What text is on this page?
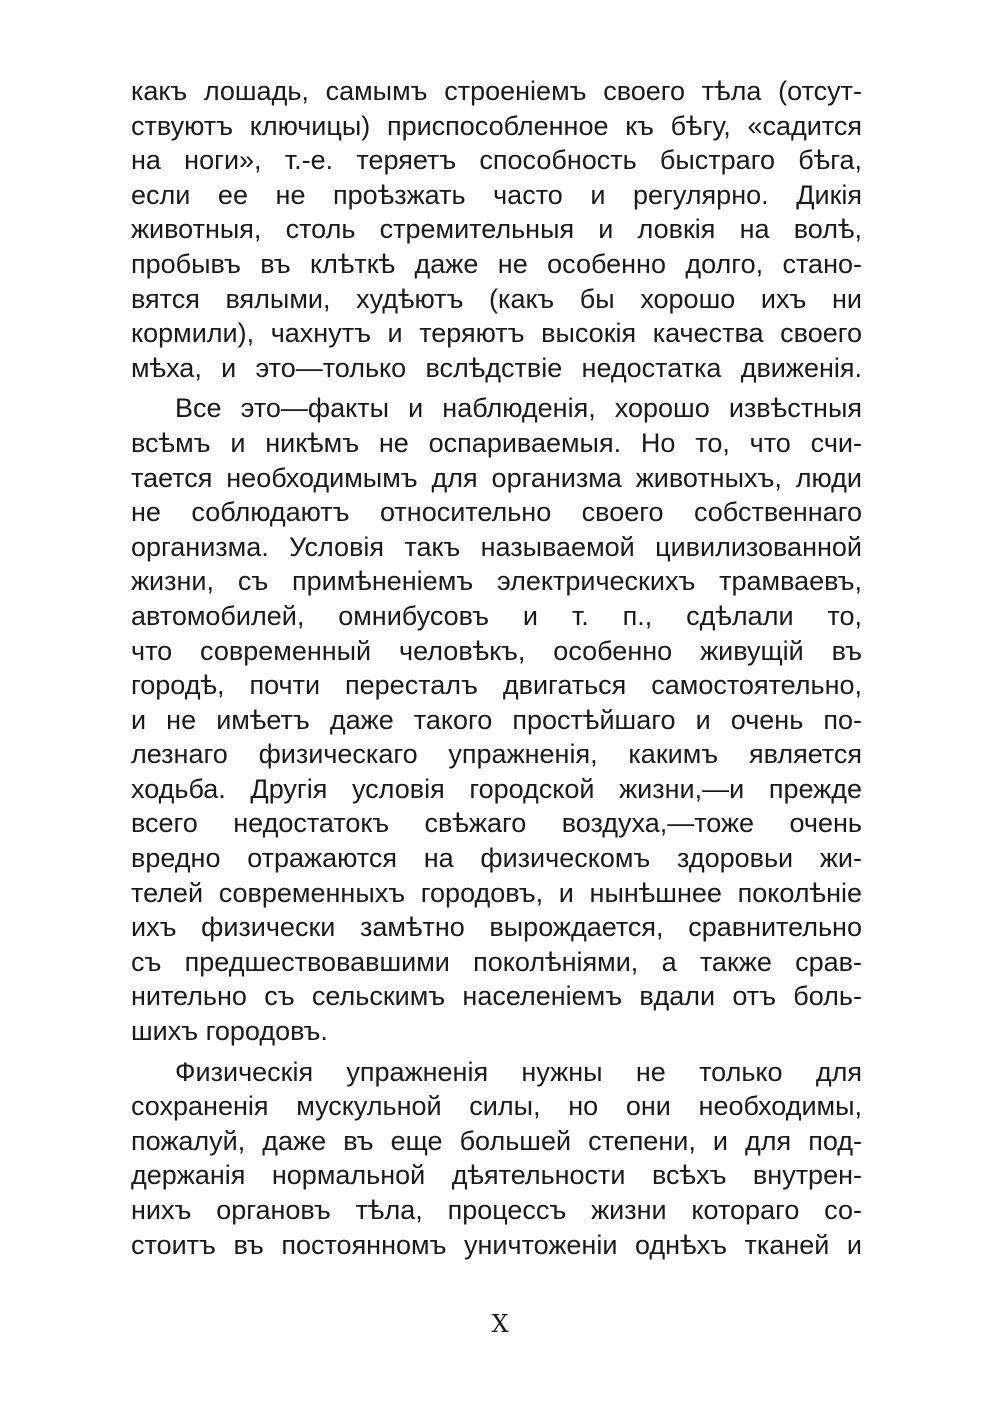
какъ лошадь, самымъ строеніемъ своего тѣла (отсут-
ствуютъ ключицы) приспособленное къ бѣгу, «садится
на ноги», т.-е. теряетъ способность быстраго бѣга,
если ее не проѣзжать часто и регулярно. Дикія
животныя, столь стремительныя и ловкія на волѣ,
пробывъ въ клѣткѣ даже не особенно долго, стано-
вятся вялыми, худѣютъ (какъ бы хорошо ихъ ни
кормили), чахнутъ и теряютъ высокія качества своего
мѣха, и это—только вслѣдствіе недостатка движенія.
Все это—факты и наблюденія, хорошо извѣстныя
всѣмъ и никѣмъ не оспариваемыя. Но то, что счи-
тается необходимымъ для организма животныхъ, люди
не соблюдаютъ относительно своего собственнаго
организма. Условія такъ называемой цивилизованной
жизни, съ примѣненіемъ электрическихъ трамваевъ,
автомобилей, омнибусовъ и т. п., сдѣлали то,
что современный человѣкъ, особенно живущій въ
городѣ, почти пересталъ двигаться самостоятельно,
и не имѣетъ даже такого простѣйшаго и очень по-
лезнаго физическаго упражненія, какимъ является
ходьба. Другія условія городской жизни,—и прежде
всего недостатокъ свѣжаго воздуха,—тоже очень
вредно отражаются на физическомъ здоровьи жи-
телей современныхъ городовъ, и нынѣшнее поколѣніе
ихъ физически замѣтно вырождается, сравнительно
съ предшествовавшими поколѣніями, а также срав-
нительно съ сельскимъ населеніемъ вдали отъ боль-
шихъ городовъ.
Физическія упражненія нужны не только для
сохраненія мускульной силы, но они необходимы,
пожалуй, даже въ еще большей степени, и для под-
держанія нормальной дѣятельности всѣхъ внутрен-
нихъ органовъ тѣла, процессъ жизни котораго со-
стоитъ въ постоянномъ уничтоженіи однѣхъ тканей и
X
